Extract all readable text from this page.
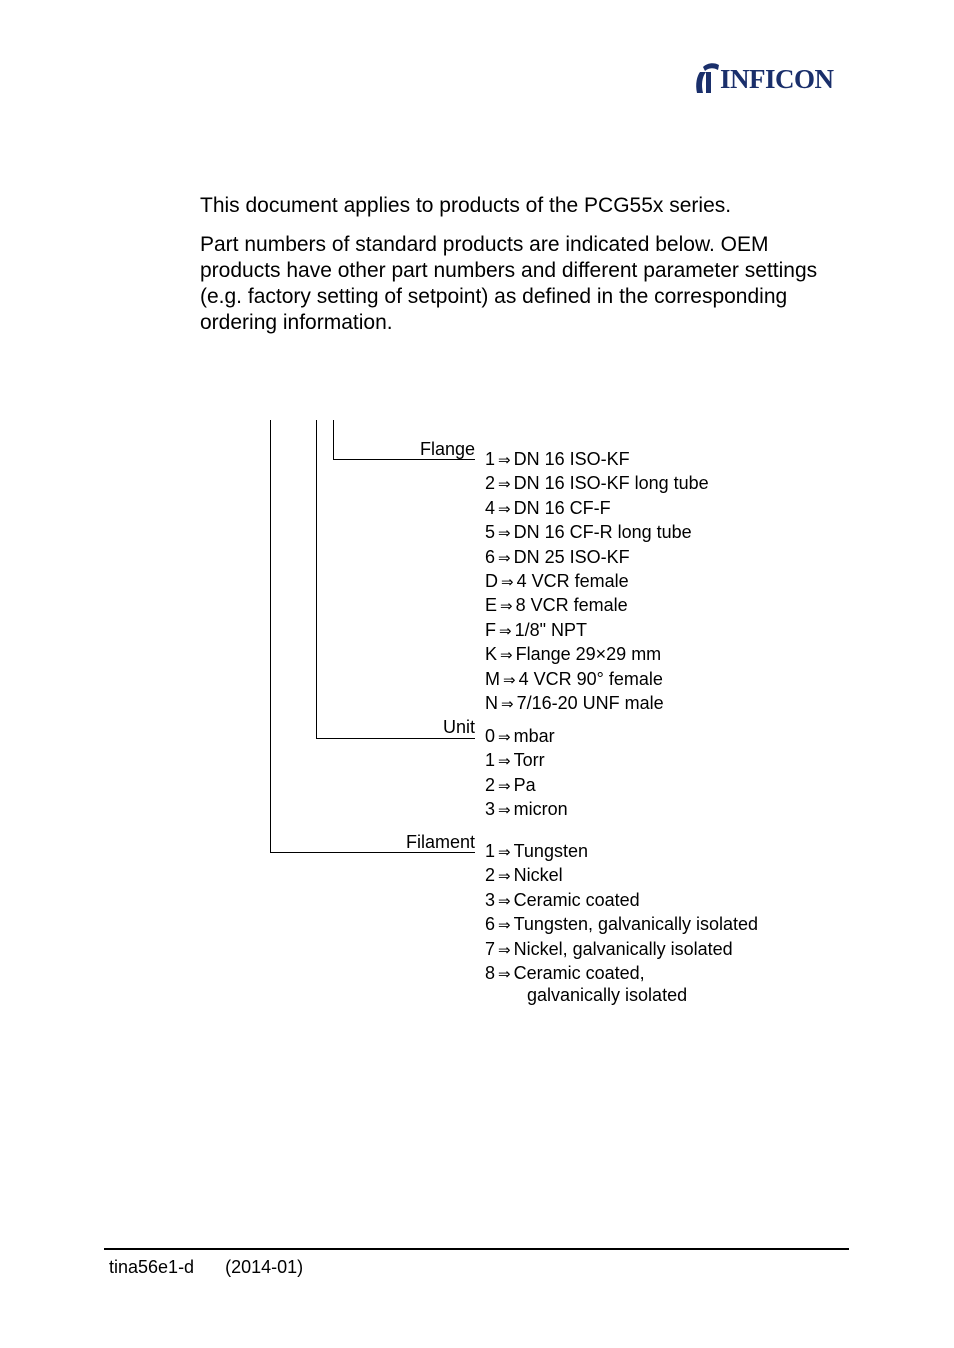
INFICON

This document applies to products of the PCG55x series.

Part numbers of standard products are indicated below. OEM products have other part numbers and different parameter settings (e.g. factory setting of setpoint) as defined in the corresponding ordering information.

Flange
Unit
Filament
1 ⇒ DN 16 ISO-KF
2 ⇒ DN 16 ISO-KF long tube
4 ⇒ DN 16 CF-F
5 ⇒ DN 16 CF-R long tube
6 ⇒ DN 25 ISO-KF
D ⇒ 4 VCR female
E ⇒ 8 VCR female
F ⇒ 1/8" NPT
K ⇒ Flange 29×29 mm
M ⇒ 4 VCR 90° female
N ⇒ 7/16-20 UNF male
0 ⇒ mbar
1 ⇒ Torr
2 ⇒ Pa
3 ⇒ micron
1 ⇒ Tungsten
2 ⇒ Nickel
3 ⇒ Ceramic coated
6 ⇒ Tungsten, galvanically isolated
7 ⇒ Nickel, galvanically isolated
8 ⇒ Ceramic coated,
galvanically isolated
tina56e1-d (2014-01)
